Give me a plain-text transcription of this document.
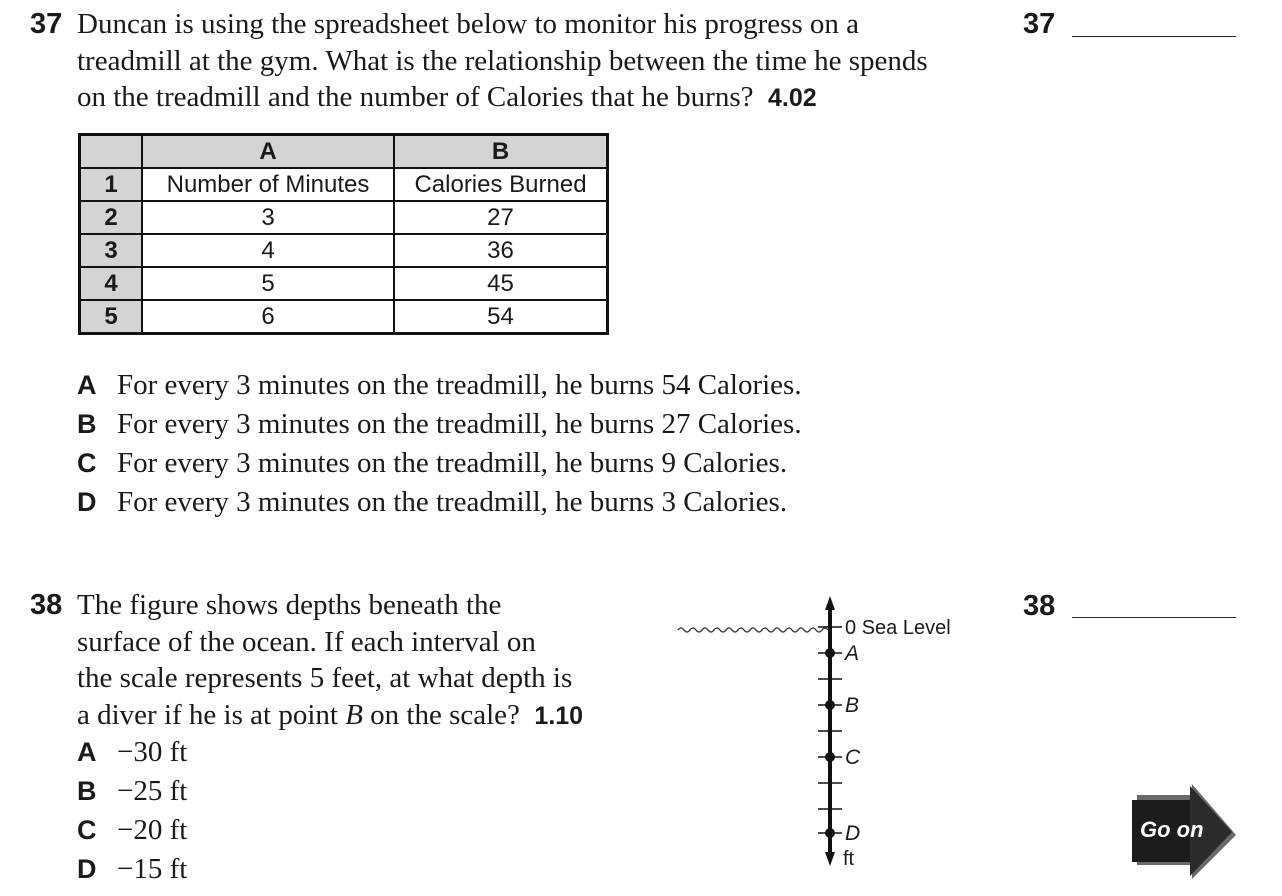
37 Duncan is using the spreadsheet below to monitor his progress on a
treadmill at the gym. What is the relationship between the time he spends
on the treadmill and the number of Calories that he burns? 4.02
37
	A	B
1	Number of Minutes	Calories Burned
2	3	27
3	4	36
4	5	45
5	6	54
A For every 3 minutes on the treadmill, he burns 54 Calories.
B For every 3 minutes on the treadmill, he burns 27 Calories.
C For every 3 minutes on the treadmill, he burns 9 Calories.
D For every 3 minutes on the treadmill, he burns 3 Calories.
38 The figure shows depths beneath the
surface of the ocean. If each interval on
the scale represents 5 feet, at what depth is
a diver if he is at point B on the scale? 1.10
38
A −30 ft
B −25 ft
C −20 ft
D −15 ft
0 Sea Level
A
B
C
D
ft
Go on
